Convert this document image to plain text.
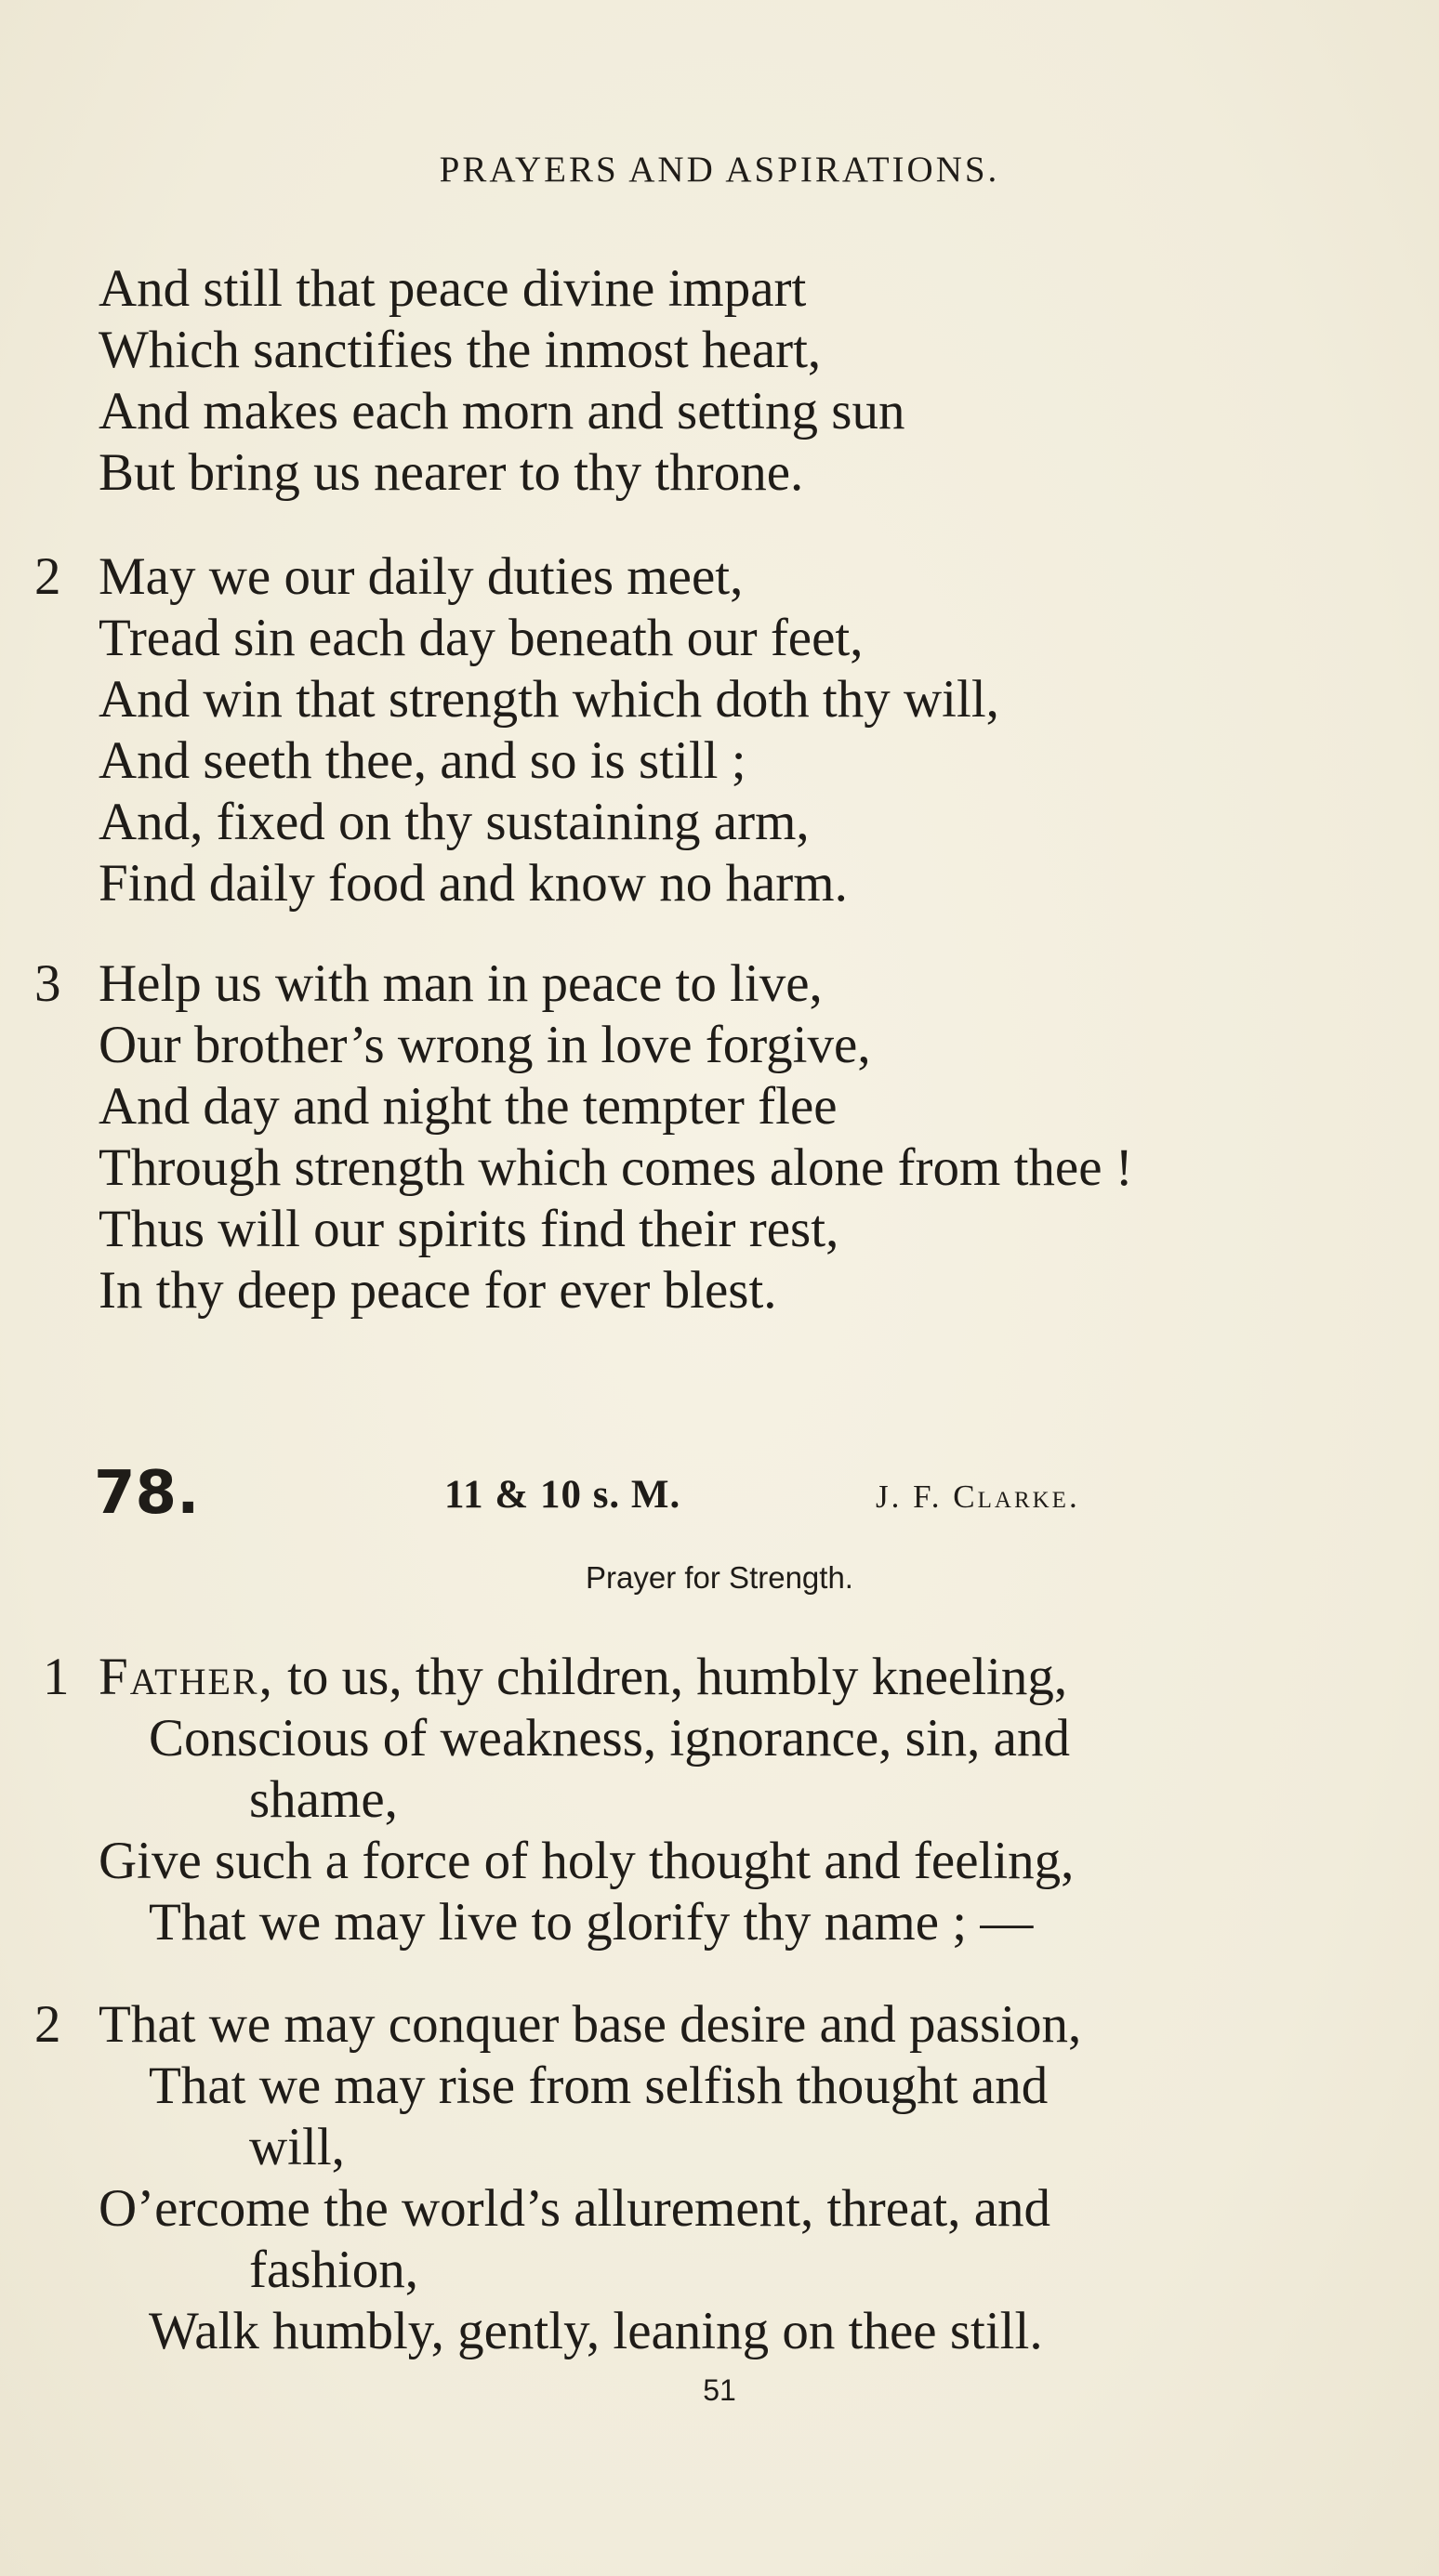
PRAYERS AND ASPIRATIONS.
And still that peace divine impart
Which sanctifies the inmost heart,
And makes each morn and setting sun
But bring us nearer to thy throne.
2 May we our daily duties meet,
Tread sin each day beneath our feet,
And win that strength which doth thy will,
And seeth thee, and so is still ;
And, fixed on thy sustaining arm,
Find daily food and know no harm.
3 Help us with man in peace to live,
Our brother’s wrong in love forgive,
And day and night the tempter flee
Through strength which comes alone from thee !
Thus will our spirits find their rest,
In thy deep peace for ever blest.
78.	11 & 10 s. M.	J. F. Clarke.
Prayer for Strength.
1 Father, to us, thy children, humbly kneeling,
Conscious of weakness, ignorance, sin, and
shame,
Give such a force of holy thought and feeling,
That we may live to glorify thy name ; —
2 That we may conquer base desire and passion,
That we may rise from selfish thought and
will,
O’ercome the world’s allurement, threat, and
fashion,
Walk humbly, gently, leaning on thee still.
51
